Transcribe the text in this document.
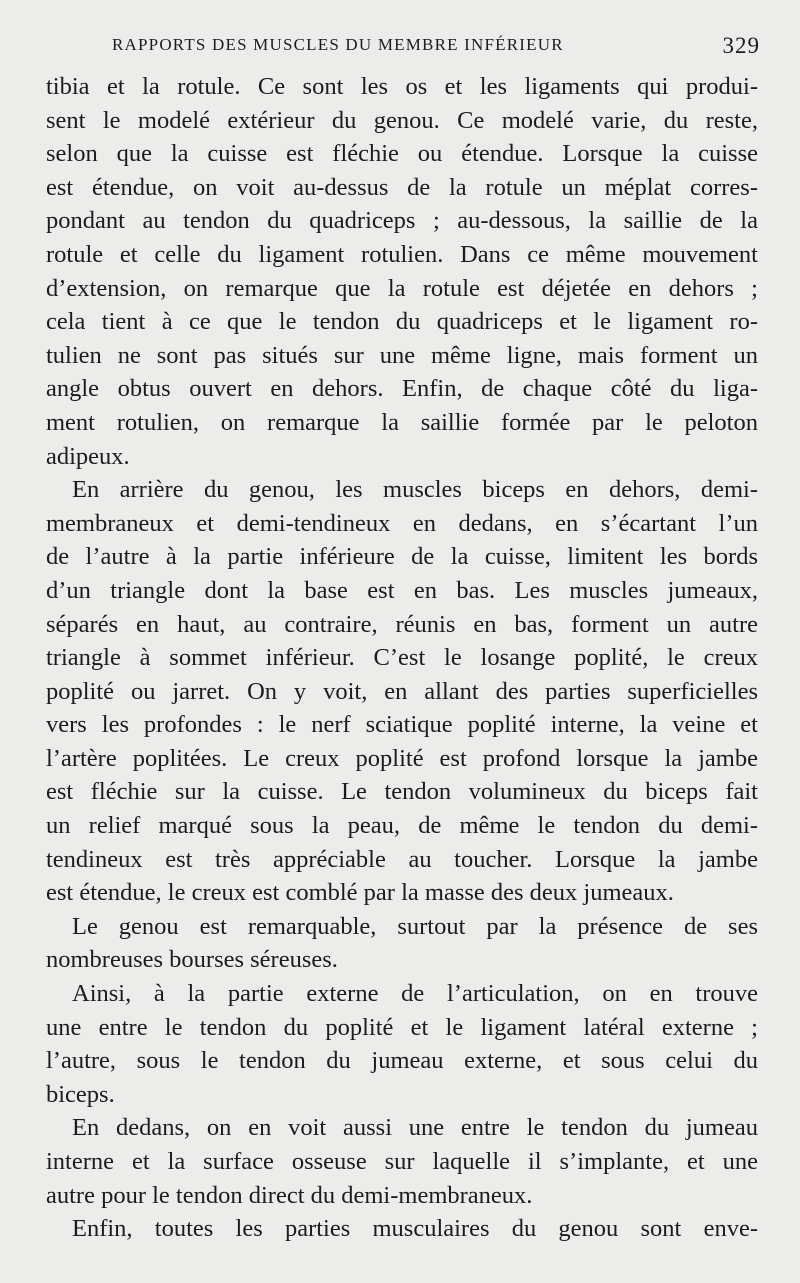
RAPPORTS DES MUSCLES DU MEMBRE INFÉRIEUR	329
tibia et la rotule. Ce sont les os et les ligaments qui produi-
sent le modelé extérieur du genou. Ce modelé varie, du reste,
selon que la cuisse est fléchie ou étendue. Lorsque la cuisse
est étendue, on voit au-dessus de la rotule un méplat corres-
pondant au tendon du quadriceps ; au-dessous, la saillie de la
rotule et celle du ligament rotulien. Dans ce même mouvement
d’extension, on remarque que la rotule est déjetée en dehors ;
cela tient à ce que le tendon du quadriceps et le ligament ro-
tulien ne sont pas situés sur une même ligne, mais forment un
angle obtus ouvert en dehors. Enfin, de chaque côté du liga-
ment rotulien, on remarque la saillie formée par le peloton
adipeux.
En arrière du genou, les muscles biceps en dehors, demi-
membraneux et demi-tendineux en dedans, en s’écartant l’un
de l’autre à la partie inférieure de la cuisse, limitent les bords
d’un triangle dont la base est en bas. Les muscles jumeaux,
séparés en haut, au contraire, réunis en bas, forment un autre
triangle à sommet inférieur. C’est le losange poplité, le creux
poplité ou jarret. On y voit, en allant des parties superficielles
vers les profondes : le nerf sciatique poplité interne, la veine et
l’artère poplitées. Le creux poplité est profond lorsque la jambe
est fléchie sur la cuisse. Le tendon volumineux du biceps fait
un relief marqué sous la peau, de même le tendon du demi-
tendineux est très appréciable au toucher. Lorsque la jambe
est étendue, le creux est comblé par la masse des deux jumeaux.
Le genou est remarquable, surtout par la présence de ses
nombreuses bourses séreuses.
Ainsi, à la partie externe de l’articulation, on en trouve
une entre le tendon du poplité et le ligament latéral externe ;
l’autre, sous le tendon du jumeau externe, et sous celui du
biceps.
En dedans, on en voit aussi une entre le tendon du jumeau
interne et la surface osseuse sur laquelle il s’implante, et une
autre pour le tendon direct du demi-membraneux.
Enfin, toutes les parties musculaires du genou sont enve-
